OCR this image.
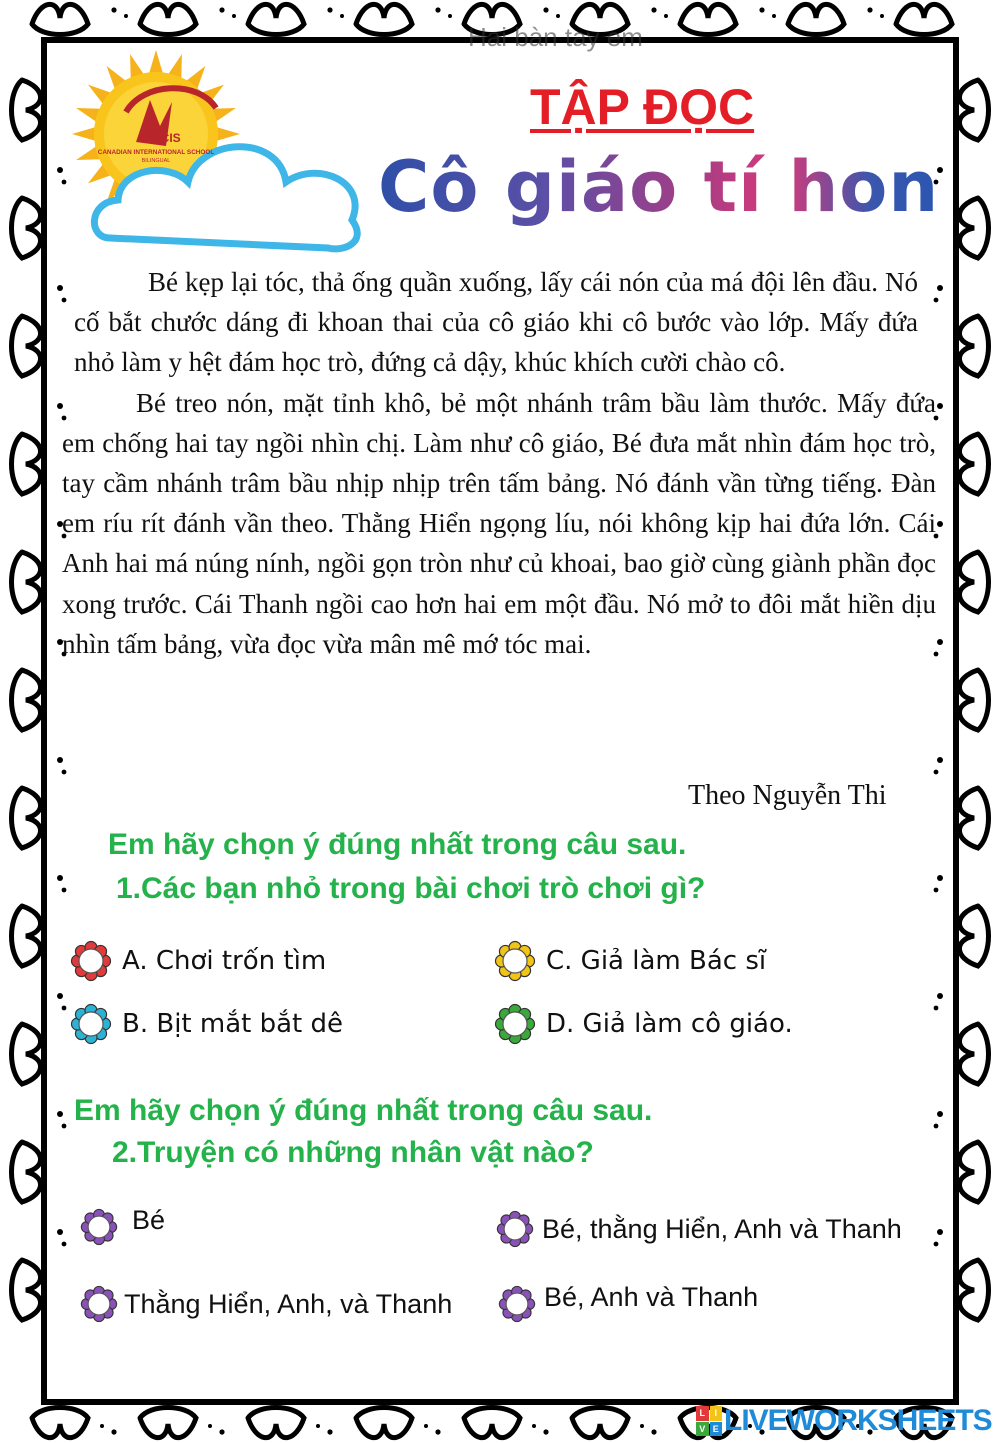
Hai bàn tay em
BCIS
CANADIAN INTERNATIONAL SCHOOL
BILINGUAL
TẬP ĐỌC
Cô giáo tí hon

Bé kẹp lại tóc, thả ống quần xuống, lấy cái nón của má đội lên đầu. Nó cố bắt chước dáng đi khoan thai của cô giáo khi cô bước vào lớp. Mấy đứa nhỏ làm y hệt đám học trò, đứng cả dậy, khúc khích cười chào cô.

Bé treo nón, mặt tỉnh khô, bẻ một nhánh trâm bầu làm thước. Mấy đứa em chống hai tay ngồi nhìn chị. Làm như cô giáo, Bé đưa mắt nhìn đám học trò, tay cầm nhánh trâm bầu nhịp nhịp trên tấm bảng. Nó đánh vần từng tiếng. Đàn em ríu rít đánh vần theo. Thằng Hiển ngọng líu, nói không kịp hai đứa lớn. Cái Anh hai má núng nính, ngồi gọn tròn như củ khoai, bao giờ cùng giành phần đọc xong trước. Cái Thanh ngồi cao hơn hai em một đầu. Nó mở to đôi mắt hiền dịu nhìn tấm bảng, vừa đọc vừa mân mê mớ tóc mai.

Theo Nguyễn Thi
Em hãy chọn ý đúng nhất trong câu sau.
1.Các bạn nhỏ trong bài chơi trò chơi gì?
A. Chơi trốn tìm
B. Bịt mắt bắt dê
C. Giả làm Bác sĩ
D. Giả làm cô giáo.
Em hãy chọn ý đúng nhất trong câu sau.
2.Truyện có những nhân vật nào?
Bé	Bé, thằng Hiển, Anh và Thanh
Thằng Hiển, Anh, và Thanh	Bé, Anh và Thanh
L	I
V E LIVEWORKSHEETS
